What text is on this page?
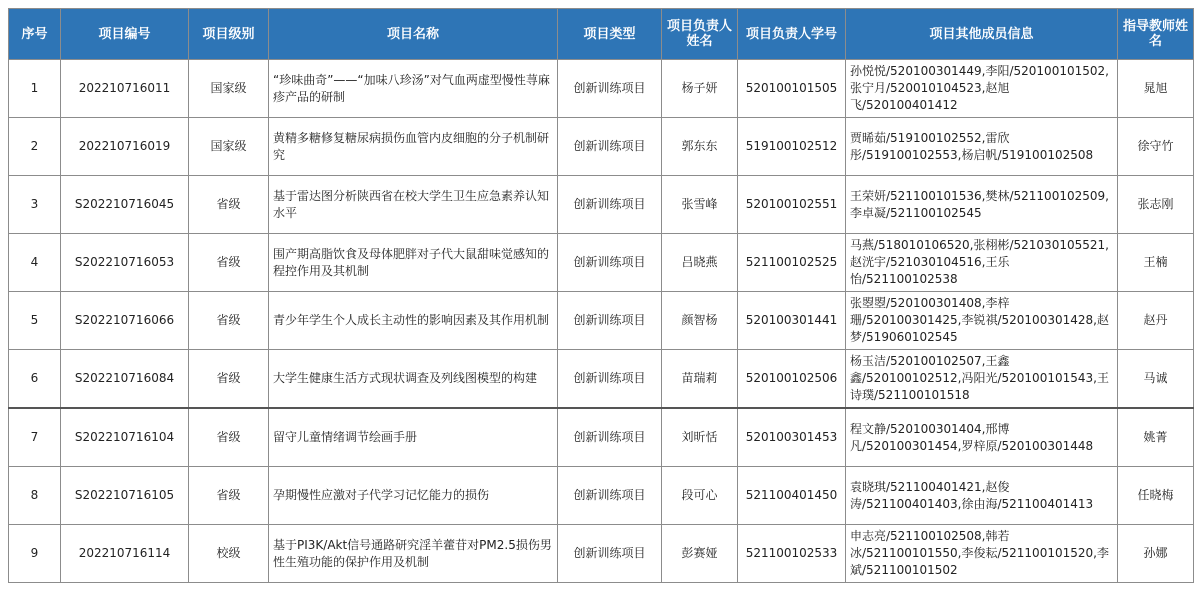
序号	项目编号	项目级别	项目名称	项目类型	项目负责人姓名	项目负责人学号	项目其他成员信息	指导教师姓名
1	202210716011	国家级	“珍味曲奇”——“加味八珍汤”对气血两虚型慢性荨麻疹产品的研制	创新训练项目	杨子妍	520100101505	孙悦悦/520100301449,李阳/520100101502,张宁月/520010104523,赵旭飞/520100401412	晁旭
2	202210716019	国家级	黄精多糖修复糖尿病损伤血管内皮细胞的分子机制研究	创新训练项目	郭东东	519100102512	贾晞茹/519100102552,雷欣彤/519100102553,杨启帆/519100102508	徐守竹
3	S202210716045	省级	基于雷达图分析陕西省在校大学生卫生应急素养认知水平	创新训练项目	张雪峰	520100102551	王荣妍/521100101536,樊林/521100102509,李卓凝/521100102545	张志刚
4	S202210716053	省级	围产期高脂饮食及母体肥胖对子代大鼠甜味觉感知的程控作用及其机制	创新训练项目	吕晓燕	521100102525	马燕/518010106520,张栩彬/521030105521,赵洸宇/521030104516,王乐怡/521100102538	王楠
5	S202210716066	省级	青少年学生个人成长主动性的影响因素及其作用机制	创新训练项目	颜智杨	520100301441	张曌曌/520100301408,李梓珊/520100301425,李锐祺/520100301428,赵梦/519060102545	赵丹
6	S202210716084	省级	大学生健康生活方式现状调查及列线图模型的构建	创新训练项目	苗瑞莉	520100102506	杨玉洁/520100102507,王鑫鑫/520100102512,冯阳光/520100101543,王诗璞/521100101518	马诚
7	S202210716104	省级	留守儿童情绪调节绘画手册	创新训练项目	刘昕恬	520100301453	程文静/520100301404,邢博凡/520100301454,罗梓原/520100301448	姚菁
8	S202210716105	省级	孕期慢性应激对子代学习记忆能力的损伤	创新训练项目	段可心	521100401450	袁晓琪/521100401421,赵俊涛/521100401403,徐由海/521100401413	任晓梅
9	202210716114	校级	基于PI3K/Akt信号通路研究淫羊藿苷对PM2.5损伤男性生殖功能的保护作用及机制	创新训练项目	彭赛娅	521100102533	申志亮/521100102508,韩若冰/521100101550,李俊耘/521100101520,李斌/521100101502	孙娜
